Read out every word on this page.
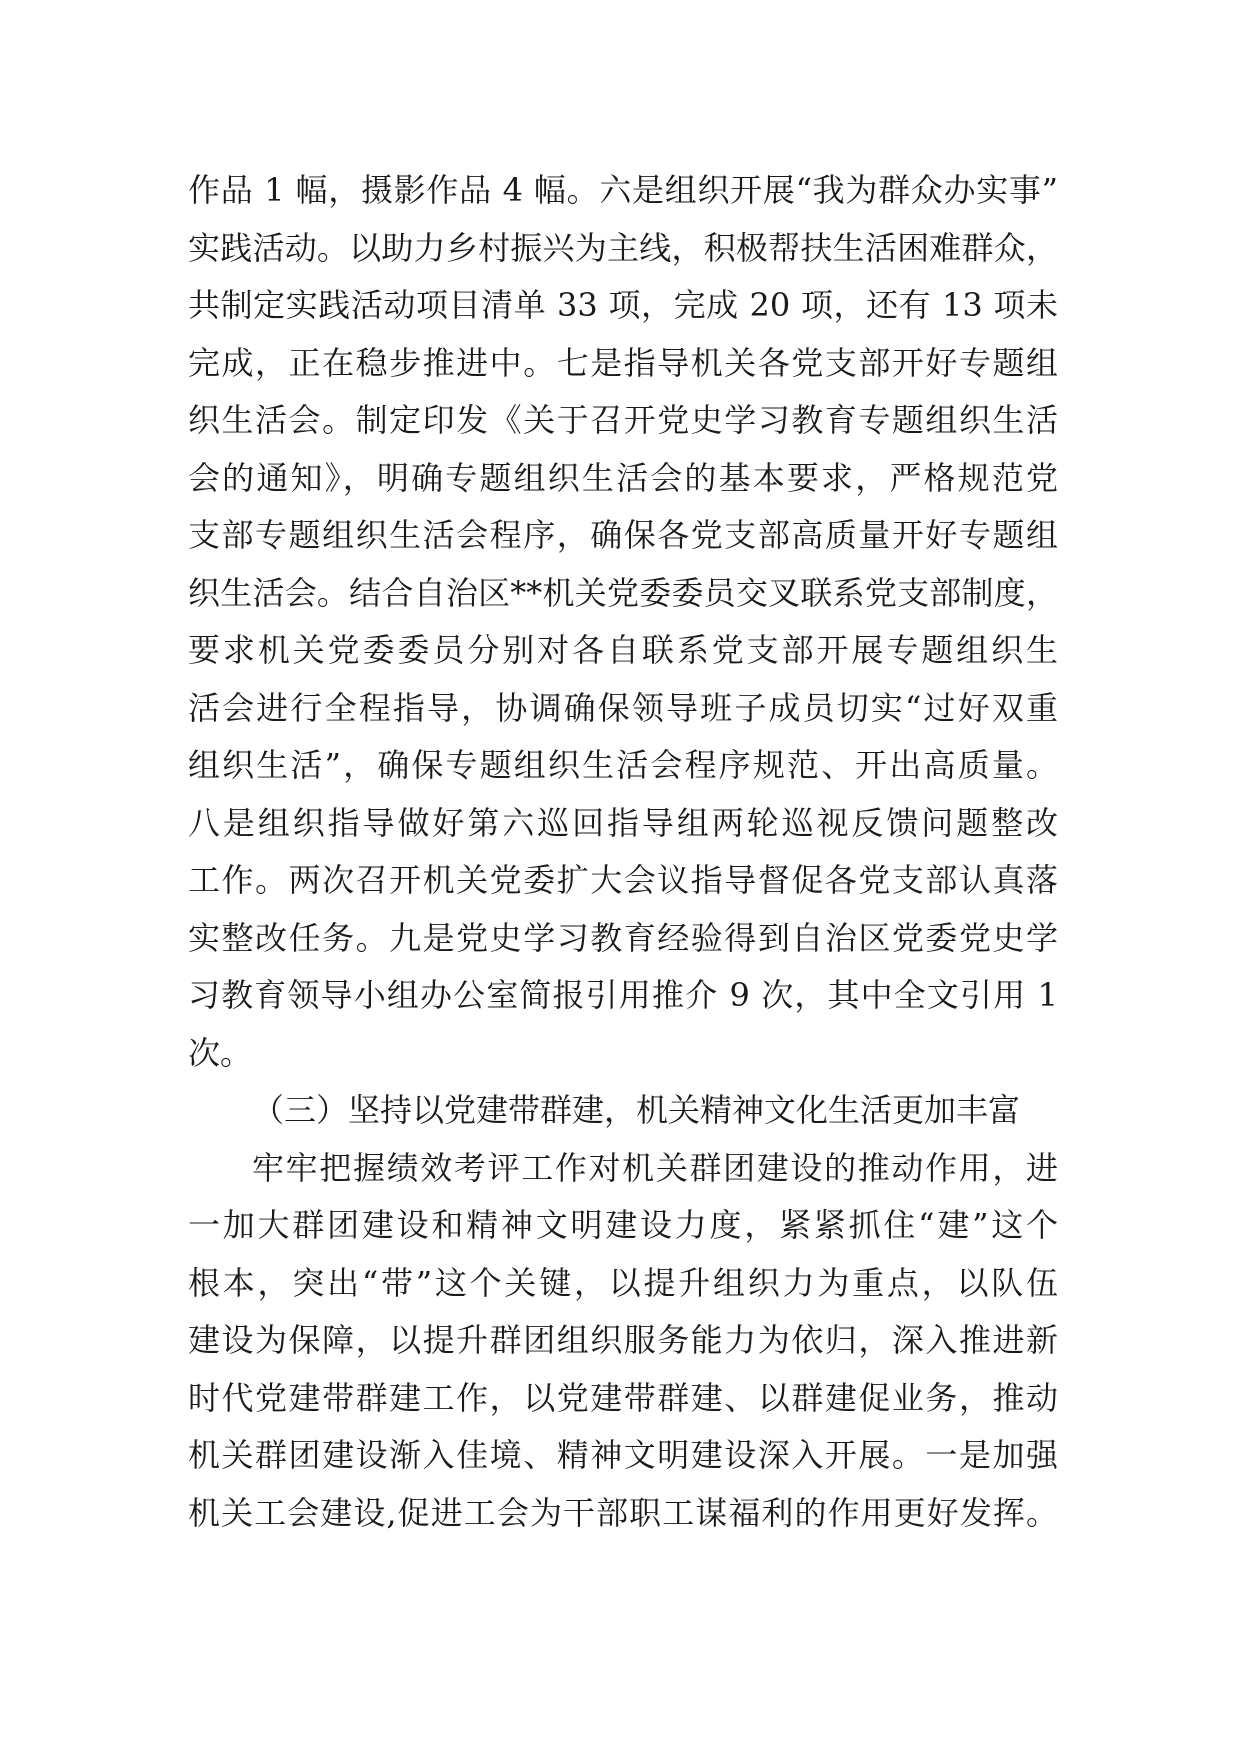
作品 1 幅，摄影作品 4 幅。六是组织开展“我为群众办实事”
实践活动。以助力乡村振兴为主线，积极帮扶生活困难群众，
共制定实践活动项目清单 33 项，完成 20 项，还有 13 项未
完成，正在稳步推进中。七是指导机关各党支部开好专题组
织生活会。制定印发《关于召开党史学习教育专题组织生活
会的通知》，明确专题组织生活会的基本要求，严格规范党
支部专题组织生活会程序，确保各党支部高质量开好专题组
织生活会。结合自治区**机关党委委员交叉联系党支部制度，
要求机关党委委员分别对各自联系党支部开展专题组织生
活会进行全程指导，协调确保领导班子成员切实“过好双重
组织生活”，确保专题组织生活会程序规范、开出高质量。
八是组织指导做好第六巡回指导组两轮巡视反馈问题整改
工作。两次召开机关党委扩大会议指导督促各党支部认真落
实整改任务。九是党史学习教育经验得到自治区党委党史学
习教育领导小组办公室简报引用推介 9 次，其中全文引用 1
次。
（三）坚持以党建带群建，机关精神文化生活更加丰富
牢牢把握绩效考评工作对机关群团建设的推动作用，进
一加大群团建设和精神文明建设力度，紧紧抓住“建”这个
根本，突出“带”这个关键，以提升组织力为重点，以队伍
建设为保障，以提升群团组织服务能力为依归，深入推进新
时代党建带群建工作，以党建带群建、以群建促业务，推动
机关群团建设渐入佳境、精神文明建设深入开展。一是加强
机关工会建设,促进工会为干部职工谋福利的作用更好发挥。
